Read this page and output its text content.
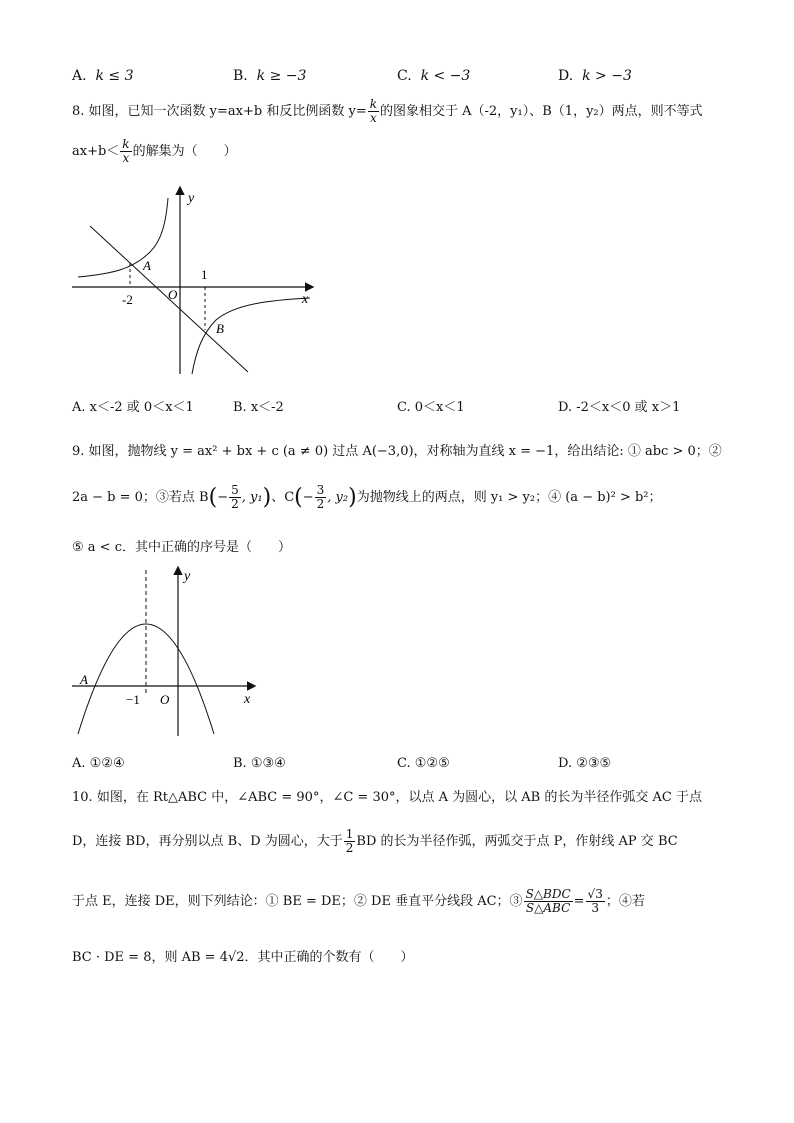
A. k ≤ 3	B. k ≥ −3	C. k < −3	D. k > −3
8. 如图，已知一次函数 y=ax+b 和反比例函数 $y= \frac{k}{x}$ 的图象相交于 A（-2，y₁）、B（1，y₂）两点，则不等式
$ax+b< \frac{k}{x}$ 的解集为（　　）
y
A
B
O	x
-2
1
A. x＜-2 或 0＜x＜1	B. x＜-2	C. 0＜x＜1	D. -2＜x＜0 或 x＞1
9. 如图，抛物线 y = ax² + bx + c (a ≠ 0) 过点 A(−3,0)，对称轴为直线 x = −1，给出结论: ① abc > 0；②
2a − b = 0；③若点 $B(- \frac{5}{2}$ , y₁)、$C(- \frac{3}{2}$ , y₂)为抛物线上的两点，则 y₁ > y₂；④ (a − b)² > b²；
⑤ a < c．其中正确的序号是（　　）
y
A
−1 O	x
A. ①②④	B. ①③④	C. ①②⑤	D. ②③⑤
10. 如图，在 Rt△ABC 中，∠ABC = 90°，∠C = 30°，以点 A 为圆心，以 AB 的长为半径作弧交 AC 于点
D，连接 BD，再分别以点 B、D 为圆心，大于 $\frac{1}{2}$ BD 的长为半径作弧，两弧交于点 P，作射线 AP 交 BC
于点 E，连接 DE，则下列结论：① BE = DE；② DE 垂直平分线段 AC；③ $\frac{\text{S△BDC}}{\text{S△ABC}} = \frac{√3}{3}$ ；④若
BC · DE = 8，则 AB = 4√2．其中正确的个数有（　　）
